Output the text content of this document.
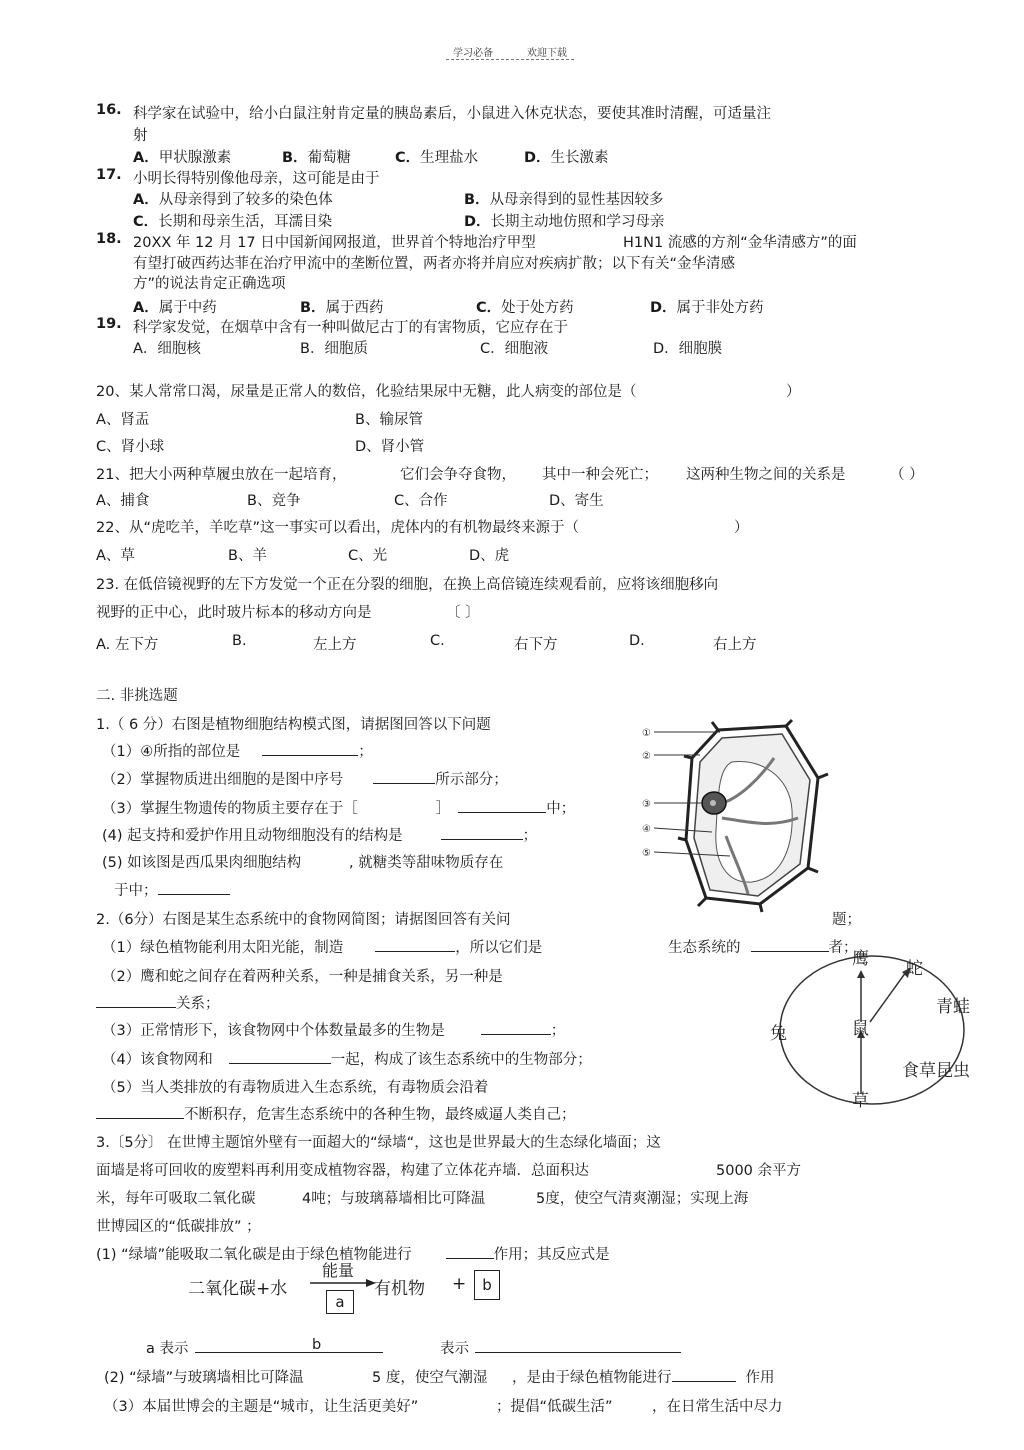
学习必备	欢迎下载
16. 科学家在试验中，给小白鼠注射肯定量的胰岛素后，小鼠进入休克状态，要使其准时清醒，可适量注
射
A．甲状腺激素	B．葡萄糖	C．生理盐水	D．生长激素
17. 小明长得特别像他母亲，这可能是由于
A．从母亲得到了较多的染色体	B．从母亲得到的显性基因较多
C．长期和母亲生活，耳濡目染	D．长期主动地仿照和学习母亲
18. 20XX 年 12 月 17 日中国新闻网报道，世界首个特地治疗甲型	H1N1 流感的方剂“金华清感方”的面
有望打破西药达菲在治疗甲流中的垄断位置，两者亦将并肩应对疾病扩散；以下有关“金华清感
方”的说法肯定正确选项
A．属于中药	B．属于西药	C．处于处方药	D．属于非处方药
19. 科学家发觉，在烟草中含有一种叫做尼古丁的有害物质，它应存在于
A．细胞核	B．细胞质	C．细胞液	D．细胞膜
20、某人常常口渴，尿量是正常人的数倍，化验结果尿中无糖，此人病变的部位是（	）
A、肾盂	B、输尿管
C、肾小球	D、肾小管
21、把大小两种草履虫放在一起培育，	它们会争夺食物， 其中一种会死亡； 这两种生物之间的关系是	（ ）
A、捕食	B、竞争	C、合作	D、寄生
22、从“虎吃羊，羊吃草”这一事实可以看出，虎体内的有机物最终来源于（	）
A、草	B、羊	C、光	D、虎
23. 在低倍镜视野的左下方发觉一个正在分裂的细胞，在换上高倍镜连续观看前，应将该细胞移向
视野的正中心，此时玻片标本的移动方向是	〔 〕
A. 左下方	B.	左上方	C.	右下方	D.	右上方
二. 非挑选题
1.（ 6 分）右图是植物细胞结构模式图，请据图回答以下问题
（1）④所指的部位是	；
（2）掌握物质进出细胞的是图中序号	所示部分；
（3）掌握生物遗传的物质主要存在于［	］	中；
(4) 起支持和爱护作用且动物细胞没有的结构是	；
(5) 如该图是西瓜果肉细胞结构	, 就糖类等甜味物质存在
于中；
①
②
③
④
⑤
2.（6分）右图是某生态系统中的食物网简图；请据图回答有关问	题；
（1）绿色植物能利用太阳光能，制造	，所以它们是	生态系统的	者；
（2）鹰和蛇之间存在着两种关系，一种是捕食关系，另一种是
关系；
（3）正常情形下，该食物网中个体数量最多的生物是	；
（4）该食物网和	一起，构成了该生态系统中的生物部分；
（5）当人类排放的有毒物质进入生态系统，有毒物质会沿着
不断积存，危害生态系统中的各种生物，最终威逼人类自己；
鹰
蛇
青蛙
兔	鼠
食草昆虫
草
3.〔5分〕 在世博主题馆外壁有一面超大的“绿墙“，这也是世界最大的生态绿化墙面；这
面墙是将可回收的废塑料再利用变成植物容器，构建了立体花卉墙．总面积达	5000 余平方
米，每年可吸取二氧化碳	4吨；与玻璃幕墙相比可降温	5度，使空气清爽潮湿；实现上海
世博园区的“低碳排放” ；
(1) “绿墙”能吸取二氧化碳是由于绿色植物能进行	作用；其反应式是
二氧化碳+水
能量
a
有机物 +	b
a 表示	b	表示
(2) “绿墙”与玻璃墙相比可降温	5 度，使空气潮湿 ，是由于绿色植物能进行	作用
（3）本届世博会的主题是“城市，让生活更美好”	；提倡“低碳生活”	，在日常生活中尽力
